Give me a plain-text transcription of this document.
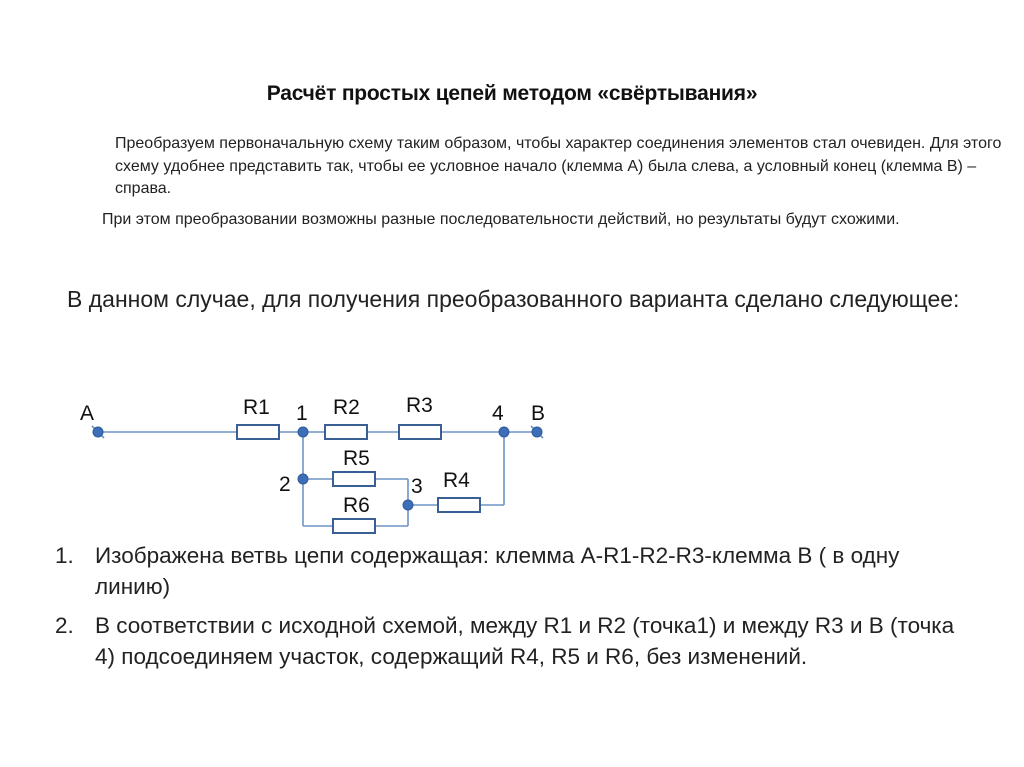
Расчёт простых цепей методом «свёртывания»
Преобразуем первоначальную схему таким образом, чтобы характер соединения элементов стал очевиден. Для этого схему удобнее представить так, чтобы ее условное начало (клемма А) была слева, а условный конец (клемма В) – справа.
При этом преобразовании возможны разные последовательности действий, но результаты будут схожими.
В данном случае, для получения преобразованного варианта сделано следующее:
A	B
R1 1 R2 R3	4
R5
2	3 R4
R6
1. Изображена ветвь цепи содержащая: клемма А-R1-R2-R3-клемма В ( в одну линию)
2. В соответствии с исходной схемой, между R1 и R2 (точка1) и между R3 и В (точка 4) подсоединяем участок, содержащий R4, R5 и R6, без изменений.
